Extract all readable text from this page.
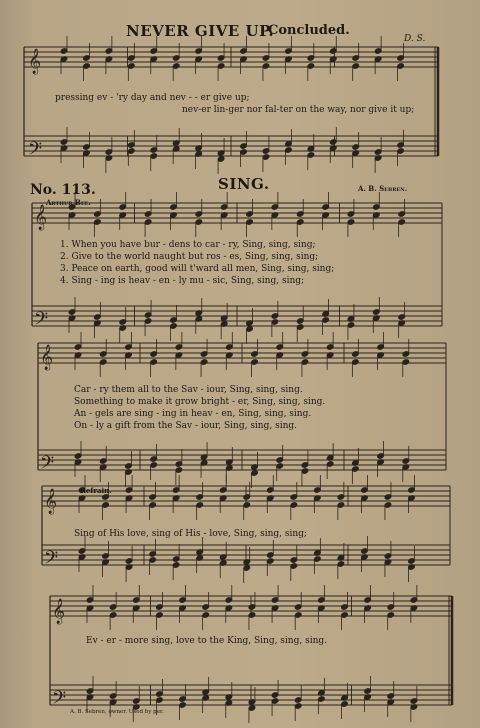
𝄞
𝄢
𝄞
𝄢
𝄞
𝄢
𝄞
𝄢
𝄞
𝄢
NEVER GIVE UP.
Concluded.
D. S.
pressing ev - 'ry day and nev - - er give up;
nev-er lin-ger nor fal-ter on the way, nor give it up;
No. 113.	SING.
Arthur Bee.
A. B. Sebren.
1. When you have bur - dens to car - ry, Sing, sing, sing;
2. Give to the world naught but ros - es, Sing, sing, sing;
3. Peace on earth, good will t'ward all men, Sing, sing, sing;
4. Sing - ing is heav - en - ly mu - sic, Sing, sing, sing;
Car - ry them all to the Sav - iour, Sing, sing, sing.
Something to make it grow bright - er, Sing, sing, sing.
An - gels are sing - ing in heav - en, Sing, sing, sing.
On - ly a gift from the Sav - iour, Sing, sing, sing.
Refrain.
Sing of His love, sing of His - love, Sing, sing, sing;
Ev - er - more sing, love to the King, Sing, sing, sing.
A. B. Sebren, owner. Used by per.
